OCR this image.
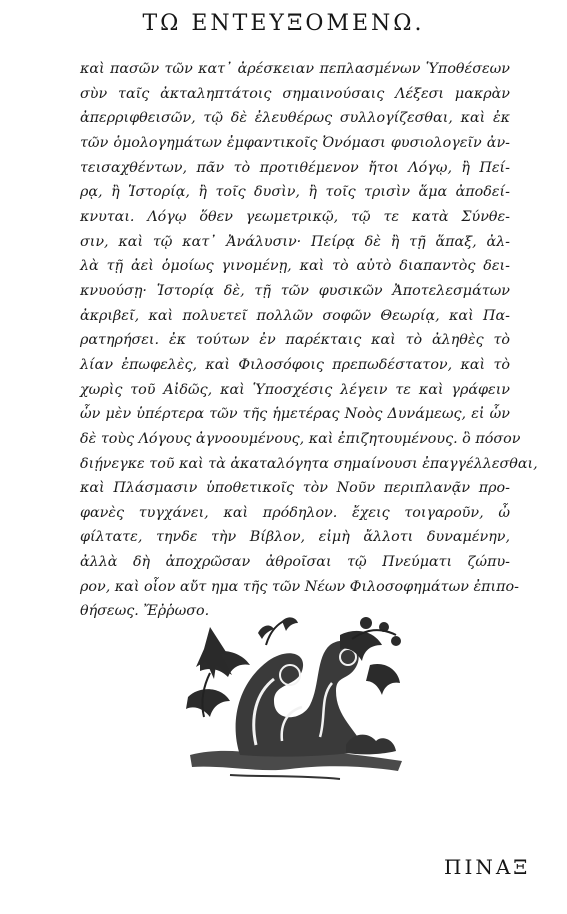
ΤΩ ΕΝΤΕΥΞΟΜΕΝΩ.
καὶ πασῶν τῶν κατ᾿ ἀρέσκειαν πεπλασμένων Ὑποθέσεων
σὺν ταῖς ἀκταληπτάτοις σημαινούσαις Λέξεσι μακρὰν
ἀπερριφθεισῶν, τῷ δὲ ἐλευθέρως συλλογίζεσθαι, καὶ ἐκ
τῶν ὁμολογημάτων ἐμφαντικοῖς Ὀνόμασι φυσιολογεῖν ἀν-
τεισαχθέντων, πᾶν τὸ προτιθέμενον ἤτοι Λόγῳ, ἢ Πεί-
ρᾳ, ἢ Ἱστορίᾳ, ἢ τοῖς δυσὶν, ἢ τοῖς τρισὶν ἅμα ἀποδεί-
κνυται. Λόγῳ ὅθεν γεωμετρικῷ, τῷ τε κατὰ Σύνθε-
σιν, καὶ τῷ κατ᾿ Ἀνάλυσιν· Πείρᾳ δὲ ἢ τῇ ἅπαξ, ἀλ-
λὰ τῇ ἀεὶ ὁμοίως γινομένῃ, καὶ τὸ αὐτὸ διαπαντὸς δει-
κνυούσῃ· Ἱστορίᾳ δὲ, τῇ τῶν φυσικῶν Ἀποτελεσμάτων
ἀκριβεῖ, καὶ πολυετεῖ πολλῶν σοφῶν Θεωρίᾳ, καὶ Πα-
ρατηρήσει. ἐκ τούτων ἐν παρέκταις καὶ τὸ ἀληθὲς τὸ
λίαν ἐπωφελὲς, καὶ Φιλοσόφοις πρεπωδέστατον, καὶ τὸ
χωρὶς τοῦ Αἰδῶς, καὶ Ὑποσχέσις λέγειν τε καὶ γράφειν
ὧν μὲν ὑπέρτερα τῶν τῆς ἡμετέρας Νοὸς Δυνάμεως, εἰ ὧν
δὲ τοὺς Λόγους ἀγνοουμένους, καὶ ἐπιζητουμένους. ὃ πόσον
διῄνεγκε τοῦ καὶ τὰ ἀκαταλόγητα σημαίνουσι ἐπαγγέλλεσθαι,
καὶ Πλάσμασιν ὑποθετικοῖς τὸν Νοῦν περιπλανᾷν προ-
φανὲς τυγχάνει, καὶ πρόδηλον. ἔχεις τοιγαροῦν, ὦ
φίλτατε, τηνδε τὴν Βίβλον, εἰμὴ ἄλλοτι δυναμένην,
ἀλλὰ δὴ ἀποχρῶσαν ἀθροῖσαι τῷ Πνεύματι ζώπυ-
ρον, καὶ οἷον αὔτ ημα τῆς τῶν Νέων Φιλοσοφημάτων ἐπιπο-
θήσεως. Ἔῤῥωσο.
ΠΙΝΑΞ
